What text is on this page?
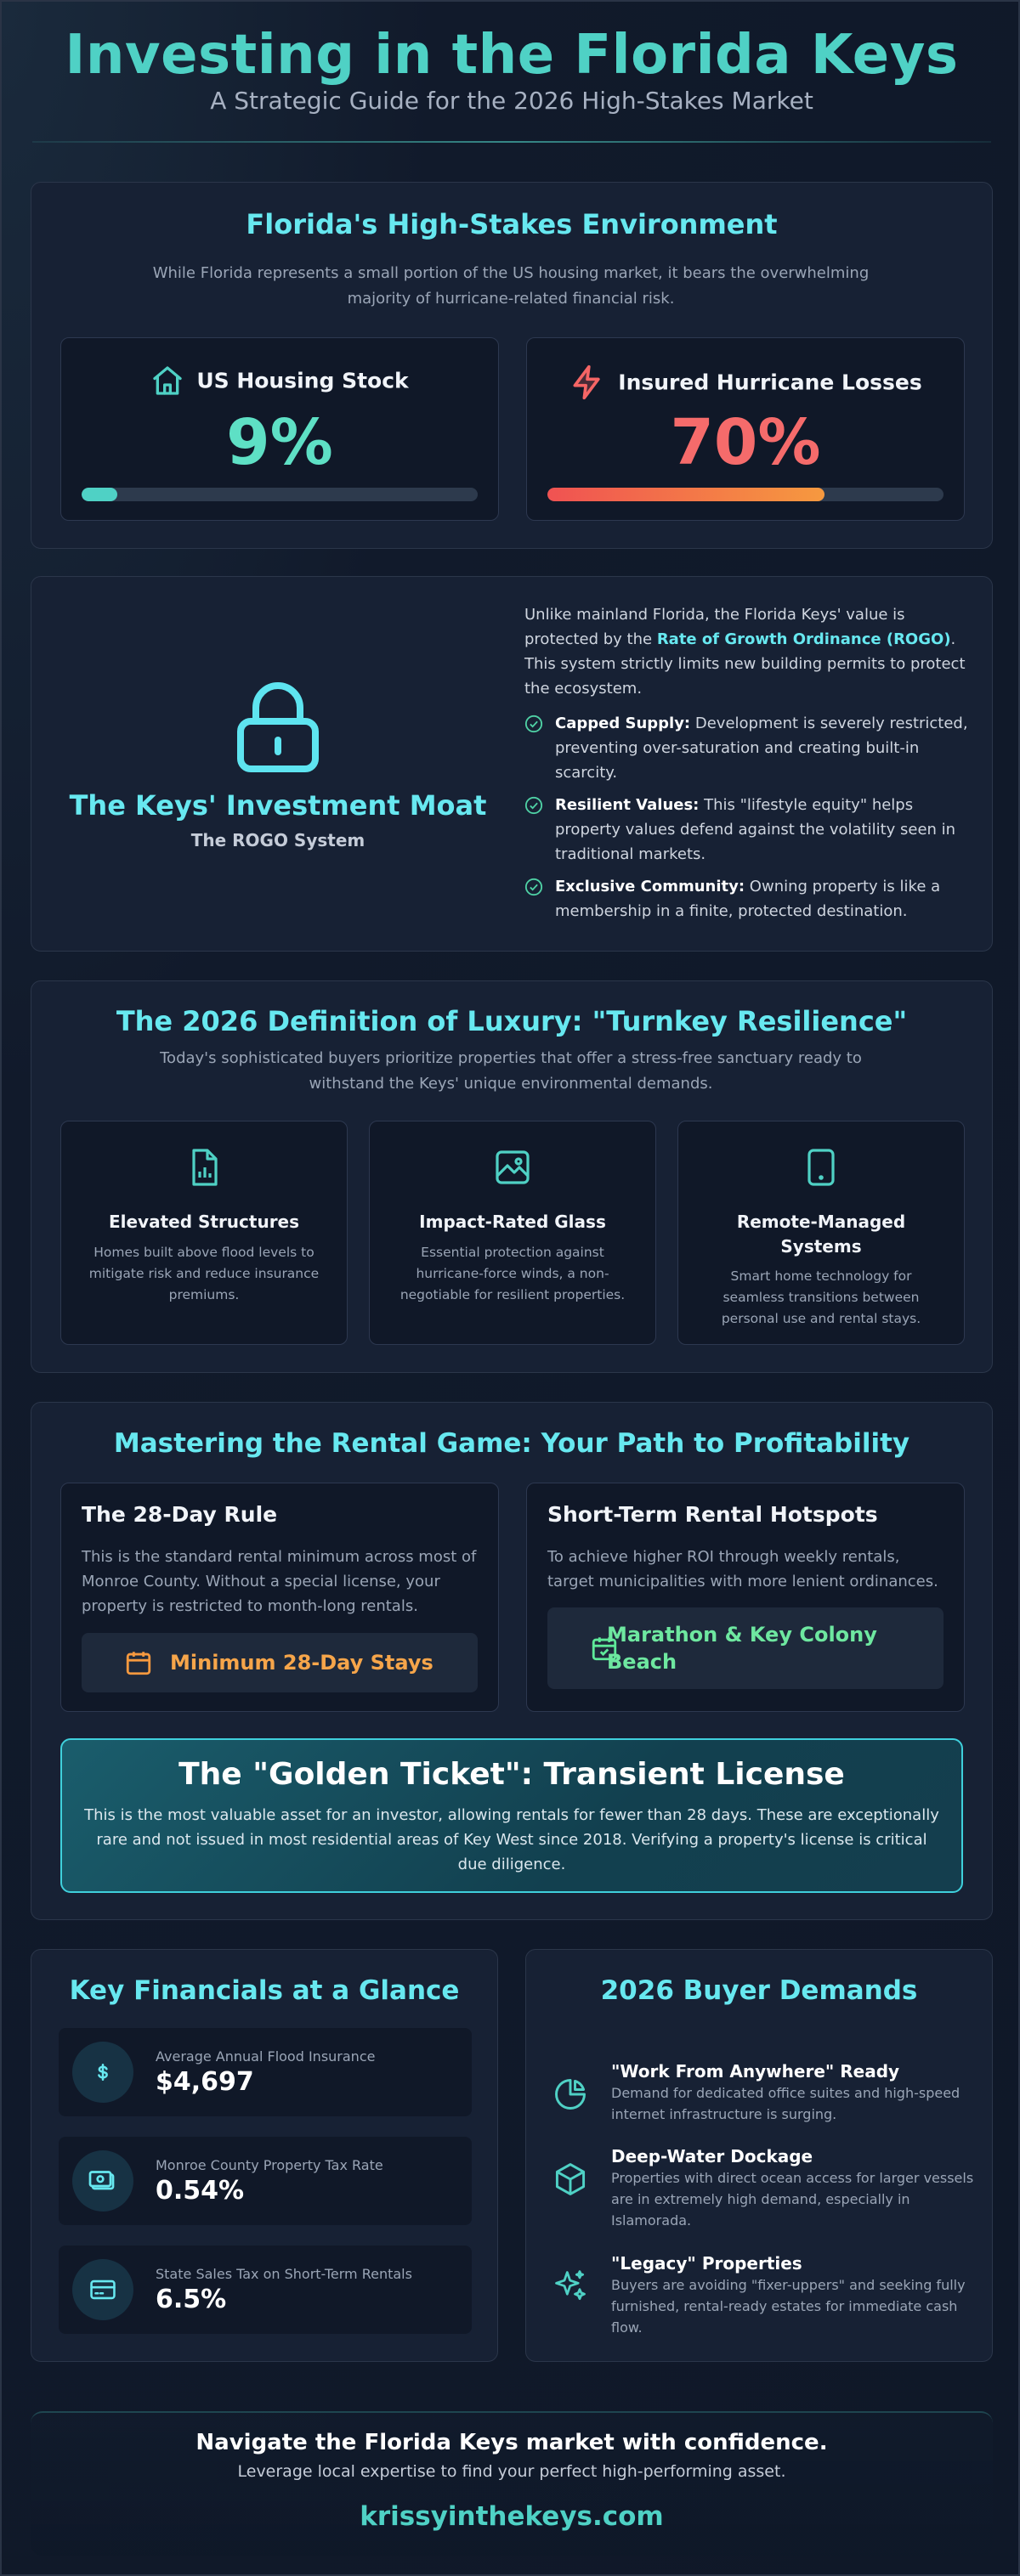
Investing in the Florida Keys
A Strategic Guide for the 2026 High-Stakes Market
Florida's High-Stakes Environment
While Florida represents a small portion of the US housing market, it bears the overwhelming majority of hurricane-related financial risk.
US Housing Stock
9%
Insured Hurricane Losses
70%
The Keys' Investment Moat
The ROGO System
Unlike mainland Florida, the Florida Keys' value is protected by the Rate of Growth Ordinance (ROGO). This system strictly limits new building permits to protect the ecosystem.
Capped Supply: Development is severely restricted, preventing over-saturation and creating built-in scarcity.
Resilient Values: This "lifestyle equity" helps property values defend against the volatility seen in traditional markets.
Exclusive Community: Owning property is like a membership in a finite, protected destination.
The 2026 Definition of Luxury: "Turnkey Resilience"
Today's sophisticated buyers prioritize properties that offer a stress-free sanctuary ready to withstand the Keys' unique environmental demands.
Elevated Structures
Homes built above flood levels to mitigate risk and reduce insurance premiums.
Impact-Rated Glass
Essential protection against hurricane-force winds, a non-negotiable for resilient properties.
Remote-Managed Systems
Smart home technology for seamless transitions between personal use and rental stays.
Mastering the Rental Game: Your Path to Profitability
The 28-Day Rule
This is the standard rental minimum across most of Monroe County. Without a special license, your property is restricted to month-long rentals.
Minimum 28-Day Stays
Short-Term Rental Hotspots
To achieve higher ROI through weekly rentals, target municipalities with more lenient ordinances.
Marathon & Key Colony Beach
The "Golden Ticket": Transient License
This is the most valuable asset for an investor, allowing rentals for fewer than 28 days. These are exceptionally rare and not issued in most residential areas of Key West since 2018. Verifying a property's license is critical due diligence.
Key Financials at a Glance
Average Annual Flood Insurance
$4,697
Monroe County Property Tax Rate
0.54%
State Sales Tax on Short-Term Rentals
6.5%
2026 Buyer Demands
"Work From Anywhere" Ready
Demand for dedicated office suites and high-speed internet infrastructure is surging.
Deep-Water Dockage
Properties with direct ocean access for larger vessels are in extremely high demand, especially in Islamorada.
"Legacy" Properties
Buyers are avoiding "fixer-uppers" and seeking fully furnished, rental-ready estates for immediate cash flow.
Navigate the Florida Keys market with confidence.
Leverage local expertise to find your perfect high-performing asset.
krissyinthekeys.com
